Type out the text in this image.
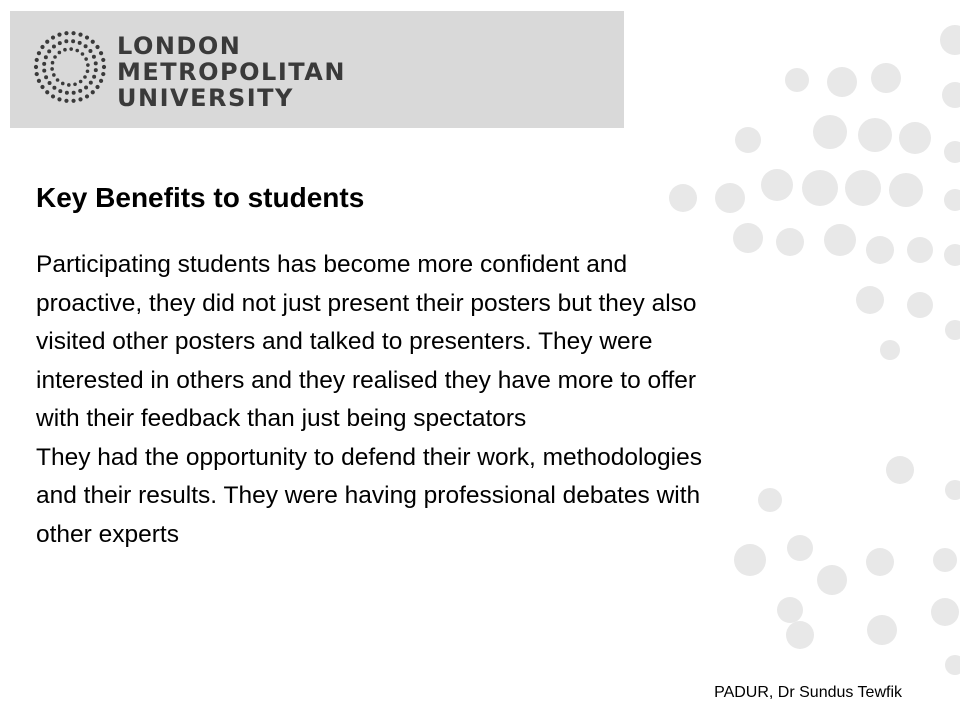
LONDON
METROPOLITAN
UNIVERSITY
Key Benefits to students

Participating students has become more confident and

proactive, they did not just present their posters but they also

visited other posters and talked to presenters. They were

interested in others and they realised they have more to offer

with their feedback than just being spectators

They had the opportunity to defend their work, methodologies

and their results. They were having professional debates with

other experts

PADUR, Dr Sundus Tewfik
